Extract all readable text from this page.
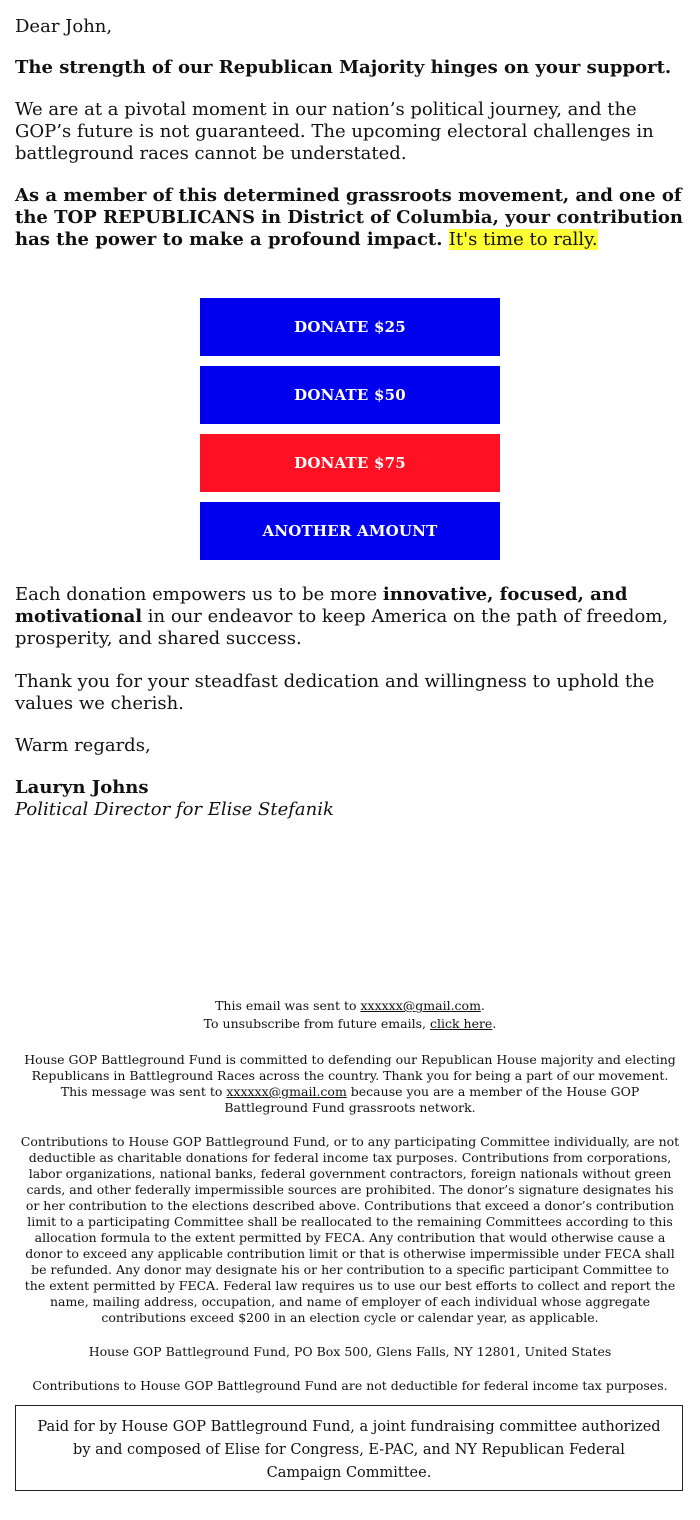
Dear John,

The strength of our Republican Majority hinges on your support.

We are at a pivotal moment in our nation’s political journey, and the GOP’s future is not guaranteed. The upcoming electoral challenges in battleground races cannot be understated.

As a member of this determined grassroots movement, and one of the TOP REPUBLICANS in District of Columbia, your contribution has the power to make a profound impact. It's time to rally.

DONATE $25
DONATE $50
DONATE $75
ANOTHER AMOUNT

Each donation empowers us to be more innovative, focused, and motivational in our endeavor to keep America on the path of freedom, prosperity, and shared success.

Thank you for your steadfast dedication and willingness to uphold the values we cherish.

Warm regards,

Lauryn Johns

Political Director for Elise Stefanik

This email was sent to xxxxxx@gmail.com.

To unsubscribe from future emails, click here.

House GOP Battleground Fund is committed to defending our Republican House majority and electing Republicans in Battleground Races across the country. Thank you for being a part of our movement. This message was sent to xxxxxx@gmail.com because you are a member of the House GOP Battleground Fund grassroots network.

Contributions to House GOP Battleground Fund, or to any participating Committee individually, are not deductible as charitable donations for federal income tax purposes. Contributions from corporations, labor organizations, national banks, federal government contractors, foreign nationals without green cards, and other federally impermissible sources are prohibited. The donor’s signature designates his or her contribution to the elections described above. Contributions that exceed a donor’s contribution limit to a participating Committee shall be reallocated to the remaining Committees according to this allocation formula to the extent permitted by FECA. Any contribution that would otherwise cause a donor to exceed any applicable contribution limit or that is otherwise impermissible under FECA shall be refunded. Any donor may designate his or her contribution to a specific participant Committee to the extent permitted by FECA. Federal law requires us to use our best efforts to collect and report the name, mailing address, occupation, and name of employer of each individual whose aggregate contributions exceed $200 in an election cycle or calendar year, as applicable.

House GOP Battleground Fund, PO Box 500, Glens Falls, NY 12801, United States

Contributions to House GOP Battleground Fund are not deductible for federal income tax purposes.

Paid for by House GOP Battleground Fund, a joint fundraising committee authorized by and composed of Elise for Congress, E-PAC, and NY Republican Federal Campaign Committee.
